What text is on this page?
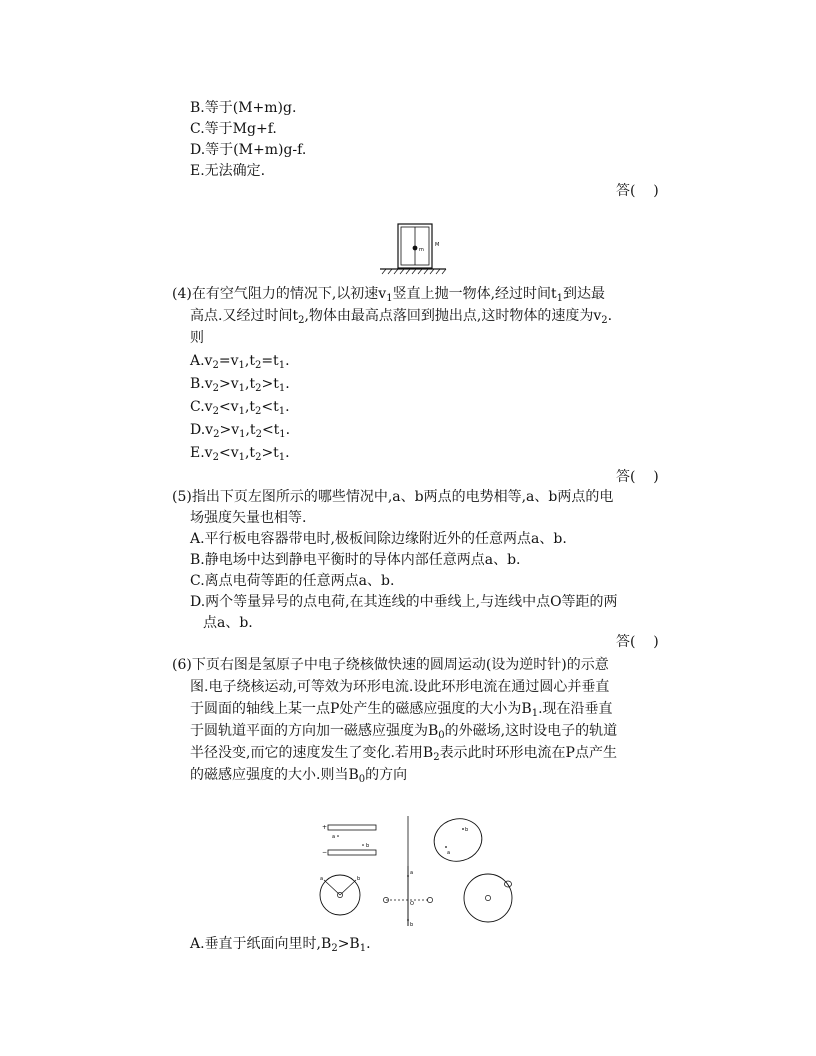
B.等于(M+m)g.
C.等于Mg+f.
D.等于(M+m)g-f.
E.无法确定.
答(    )
m
M
(4)在有空气阻力的情况下,以初速$v_1$竖直上抛一物体,经过时间$t_1$到达最
高点.又经过时间$t_2$,物体由最高点落回到抛出点,这时物体的速度为$v_2$.
则
$A.v_2=v_1,t_2=t_1$.
$B.v_2>v_1,t_2>t_1$.
$C.v_2<v_1,t_2<t_1$.
$D.v_2>v_1,t_2<t_1$.
$E.v_2<v_1,t_2>t_1$.
答(    )
(5)指出下页左图所示的哪些情况中,a、b两点的电势相等,a、b两点的电
场强度矢量也相等.
A.平行板电容器带电时,极板间除边缘附近外的任意两点a、b.
B.静电场中达到静电平衡时的导体内部任意两点a、b.
C.离点电荷等距的任意两点a、b.
D.两个等量异号的点电荷,在其连线的中垂线上,与连线中点O等距的两
点a、b.
答(    )
(6)下页右图是氢原子中电子绕核做快速的圆周运动(设为逆时针)的示意
图.电子绕核运动,可等效为环形电流.设此环形电流在通过圆心并垂直
于圆面的轴线上某一点P处产生的磁感应强度的大小为$B_1$.现在沿垂直
于圆轨道平面的方向加一磁感应强度为$B_0$的外磁场,这时设电子的轨道
半径没变,而它的速度发生了变化.若用$B_2$表示此时环形电流在P点产生
的磁感应强度的大小.则当$B_0$的方向
+
a
b
−
b
a
a	b
a
b
O
A.垂直于纸面向里时$,B_2>B_1$.
